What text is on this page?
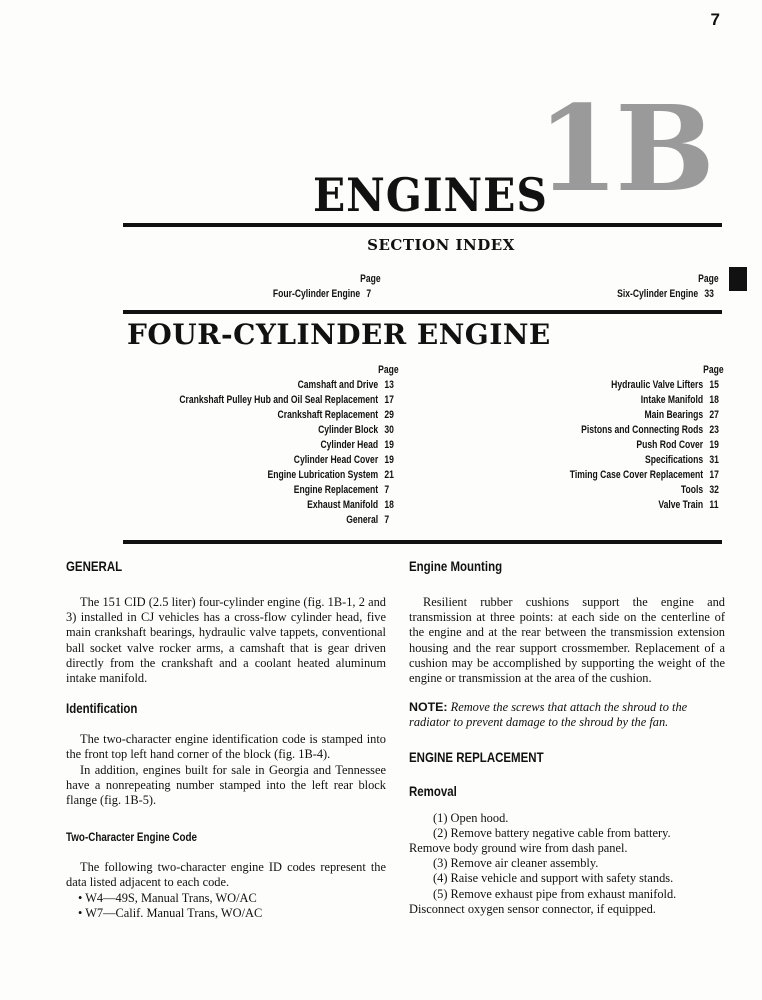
7
1B
ENGINES
SECTION INDEX
Page
Four-Cylinder Engine 7
Page
Six-Cylinder Engine 33
FOUR-CYLINDER ENGINE
Page
Camshaft and Drive 13
Crankshaft Pulley Hub and Oil Seal Replacement 17
Crankshaft Replacement 29
Cylinder Block 30
Cylinder Head 19
Cylinder Head Cover 19
Engine Lubrication System 21
Engine Replacement 7
Exhaust Manifold 18
General 7
Page
Hydraulic Valve Lifters 15
Intake Manifold 18
Main Bearings 27
Pistons and Connecting Rods 23
Push Rod Cover 19
Specifications 31
Timing Case Cover Replacement 17
Tools 32
Valve Train 11
GENERAL
The 151 CID (2.5 liter) four-cylinder engine (fig. 1B-1, 2 and 3) installed in CJ vehicles has a cross-flow cylinder head, five main crankshaft bearings, hydraulic valve tappets, conventional ball socket valve rocker arms, a camshaft that is gear driven directly from the crankshaft and a coolant heated aluminum intake manifold.
Identification
The two-character engine identification code is stamped into the front top left hand corner of the block (fig. 1B-4).
In addition, engines built for sale in Georgia and Tennessee have a nonrepeating number stamped into the left rear block flange (fig. 1B-5).
Two-Character Engine Code
The following two-character engine ID codes represent the data listed adjacent to each code.
• W4—49S, Manual Trans, WO/AC
• W7—Calif. Manual Trans, WO/AC
Engine Mounting
Resilient rubber cushions support the engine and transmission at three points: at each side on the centerline of the engine and at the rear between the transmission extension housing and the rear support crossmember. Replacement of a cushion may be accomplished by supporting the weight of the engine or transmission at the area of the cushion.
NOTE: Remove the screws that attach the shroud to the radiator to prevent damage to the shroud by the fan.
ENGINE REPLACEMENT
Removal
(1) Open hood.
(2) Remove battery negative cable from battery.
Remove body ground wire from dash panel.
(3) Remove air cleaner assembly.
(4) Raise vehicle and support with safety stands.
(5) Remove exhaust pipe from exhaust manifold.
Disconnect oxygen sensor connector, if equipped.
